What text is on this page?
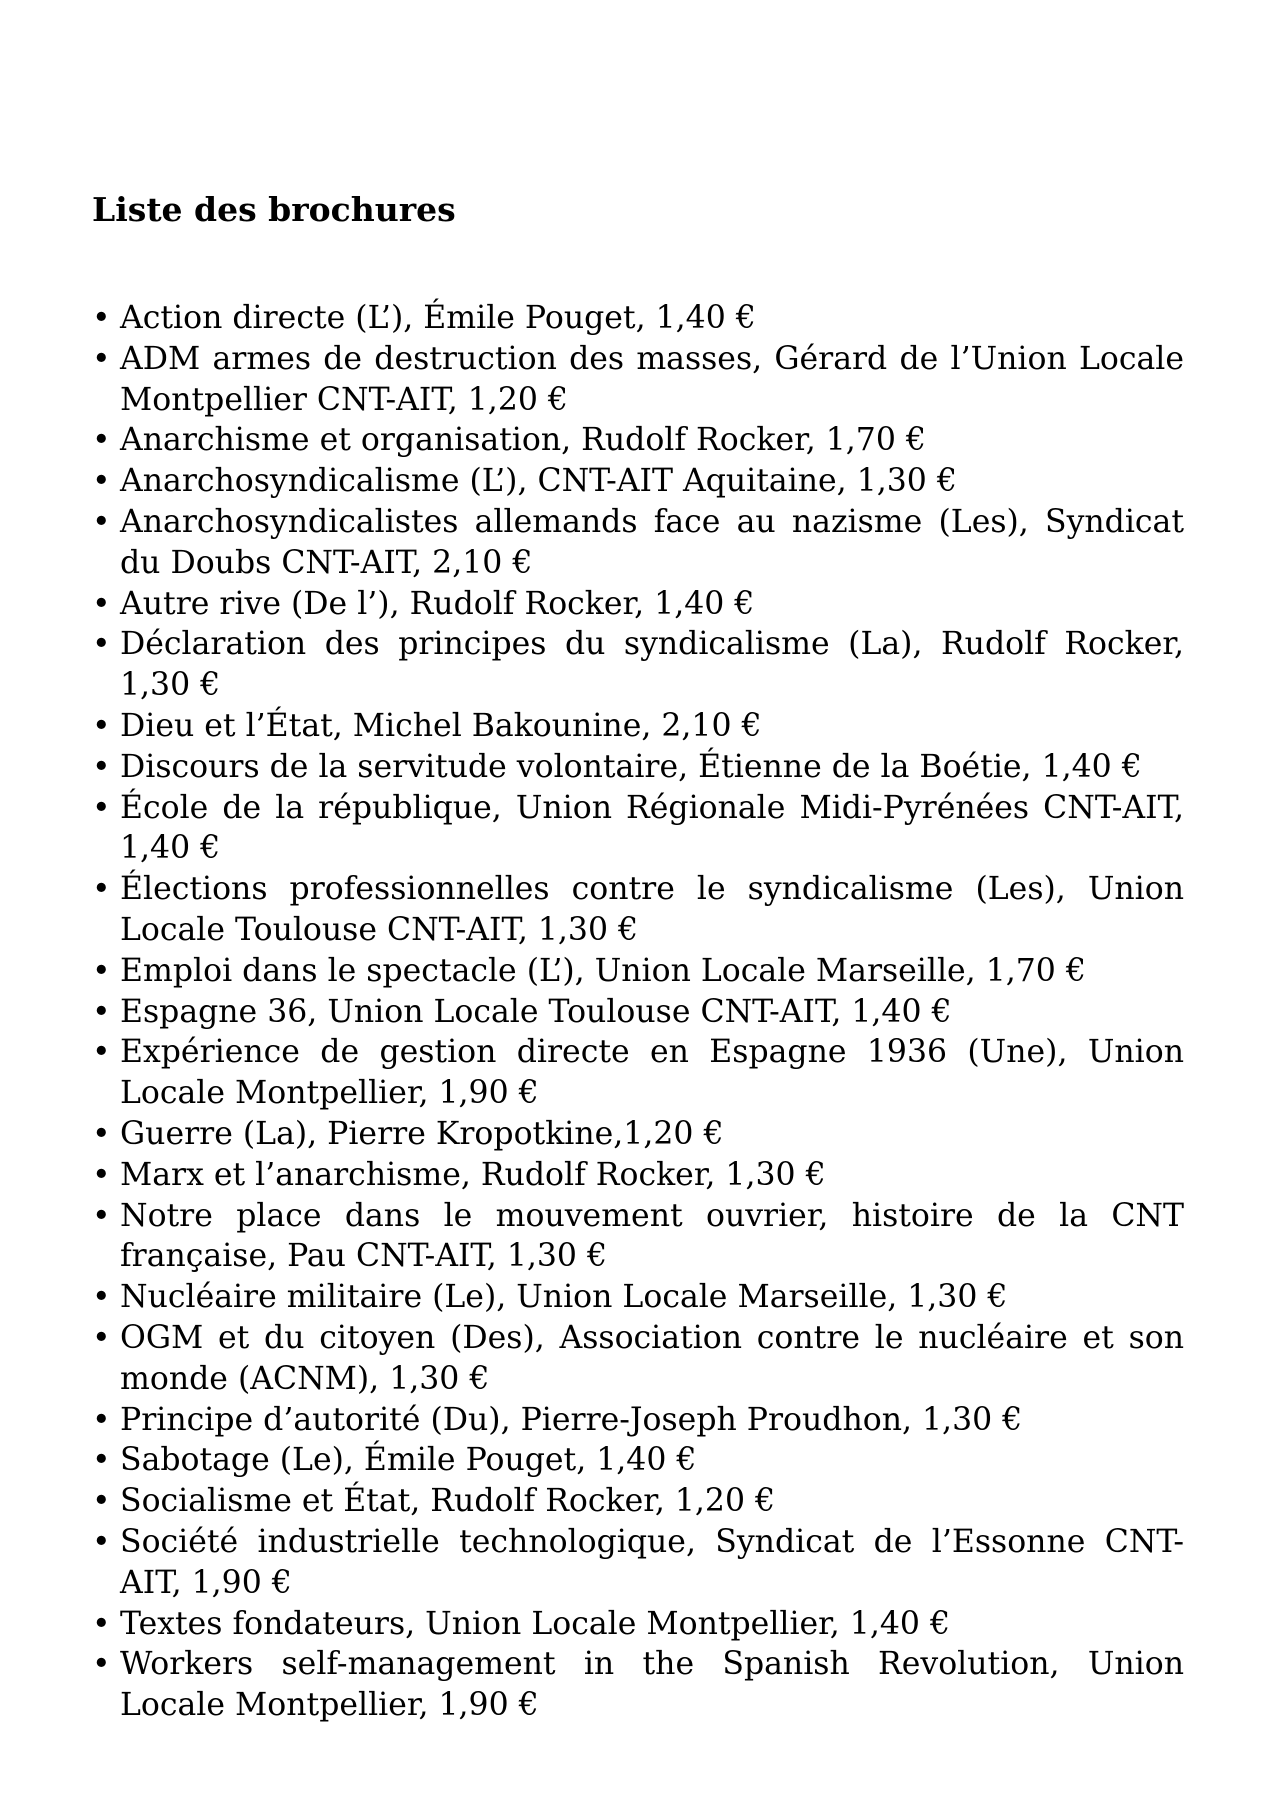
Liste des brochures
• Action directe (L’), Émile Pouget, 1,40 €
• ADM armes de destruction des masses, Gérard de l’Union Locale Montpellier CNT-AIT, 1,20 €
• Anarchisme et organisation, Rudolf Rocker, 1,70 €
• Anarchosyndicalisme (L’), CNT-AIT Aquitaine, 1,30 €
• Anarchosyndicalistes allemands face au nazisme (Les), Syndicat du Doubs CNT-AIT, 2,10 €
• Autre rive (De l’), Rudolf Rocker, 1,40 €
• Déclaration des principes du syndicalisme (La), Rudolf Rocker, 1,30 €
• Dieu et l’État, Michel Bakounine, 2,10 €
• Discours de la servitude volontaire, Étienne de la Boétie, 1,40 €
• École de la république, Union Régionale Midi-Pyrénées CNT-AIT, 1,40 €
• Élections professionnelles contre le syndicalisme (Les), Union Locale Toulouse CNT-AIT, 1,30 €
• Emploi dans le spectacle (L’), Union Locale Marseille, 1,70 €
• Espagne 36, Union Locale Toulouse CNT-AIT, 1,40 €
• Expérience de gestion directe en Espagne 1936 (Une), Union Locale Montpellier, 1,90 €
• Guerre (La), Pierre Kropotkine,1,20 €
• Marx et l’anarchisme, Rudolf Rocker, 1,30 €
• Notre place dans le mouvement ouvrier, histoire de la CNT française, Pau CNT-AIT, 1,30 €
• Nucléaire militaire (Le), Union Locale Marseille, 1,30 €
• OGM et du citoyen (Des), Association contre le nucléaire et son monde (ACNM), 1,30 €
• Principe d’autorité (Du), Pierre-Joseph Proudhon, 1,30 €
• Sabotage (Le), Émile Pouget, 1,40 €
• Socialisme et État, Rudolf Rocker, 1,20 €
• Société industrielle technologique, Syndicat de l’Essonne CNT-AIT, 1,90 €
• Textes fondateurs, Union Locale Montpellier, 1,40 €
• Workers self-management in the Spanish Revolution, Union Locale Montpellier, 1,90 €
